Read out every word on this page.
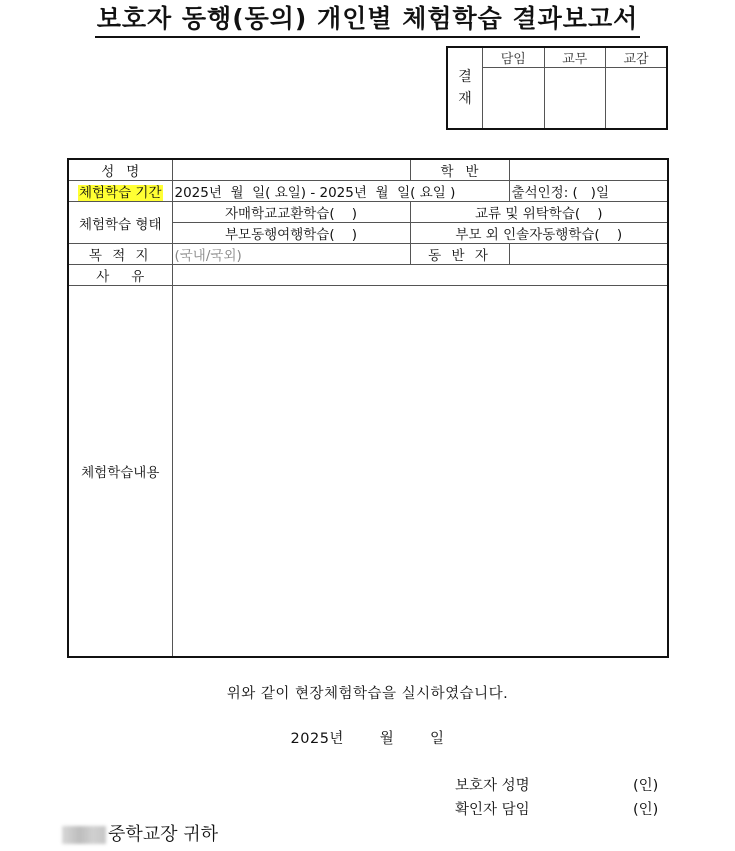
보호자 동행(동의) 개인별 체험학습 결과보고서
결
재	담임	교무	교감

성명		학반	
체험학습 기간	2025년  월  일( 요일) - 2025년  월  일( 요일 )		출석인정: (   )일
체험학습 형태	자매학교교환학습(    )	교류 및 위탁학습(    )	
	부모동행여행학습(    )	부모 외 인솔자동행학습(    )	
목 적 지	(국내/국외)	동 반 자	
사유			
체험학습내용			
위와 같이 현장체험학습을 실시하였습니다.
2025년       월       일
보호자 성명	(인)
확인자 담임	(인)
중학교장 귀하
